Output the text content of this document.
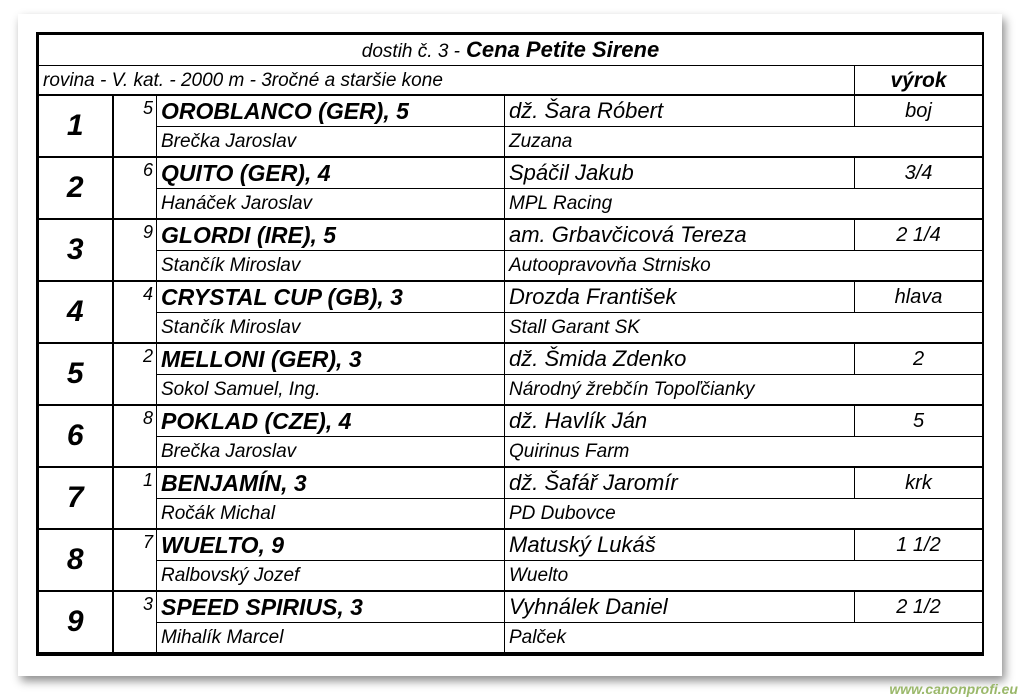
dostih č. 3 - Cena Petite Sirene				
rovina - V. kat. - 2000 m - 3ročné a staršie kone				výrok
1	5	OROBLANCO (GER), 5	dž. Šara Róbert	boj
		Brečka Jaroslav	Zuzana	
2	6	QUITO (GER), 4	Spáčil Jakub	3/4
		Hanáček Jaroslav	MPL Racing	
3	9	GLORDI (IRE), 5	am. Grbavčicová Tereza	2 1/4
		Stančík Miroslav	Autoopravovňa Strnisko	
4	4	CRYSTAL CUP (GB), 3	Drozda František	hlava
		Stančík Miroslav	Stall Garant SK	
5	2	MELLONI (GER), 3	dž. Šmida Zdenko	2
		Sokol Samuel, Ing.	Národný žrebčín Topoľčianky	
6	8	POKLAD (CZE), 4	dž. Havlík Ján	5
		Brečka Jaroslav	Quirinus Farm	
7	1	BENJAMÍN, 3	dž. Šafář Jaromír	krk
		Ročák Michal	PD Dubovce	
8	7	WUELTO, 9	Matuský Lukáš	1 1/2
		Ralbovský Jozef	Wuelto	
9	3	SPEED SPIRIUS, 3	Vyhnálek Daniel	2 1/2
		Mihalík Marcel	Palček	
www.canonprofi.eu
